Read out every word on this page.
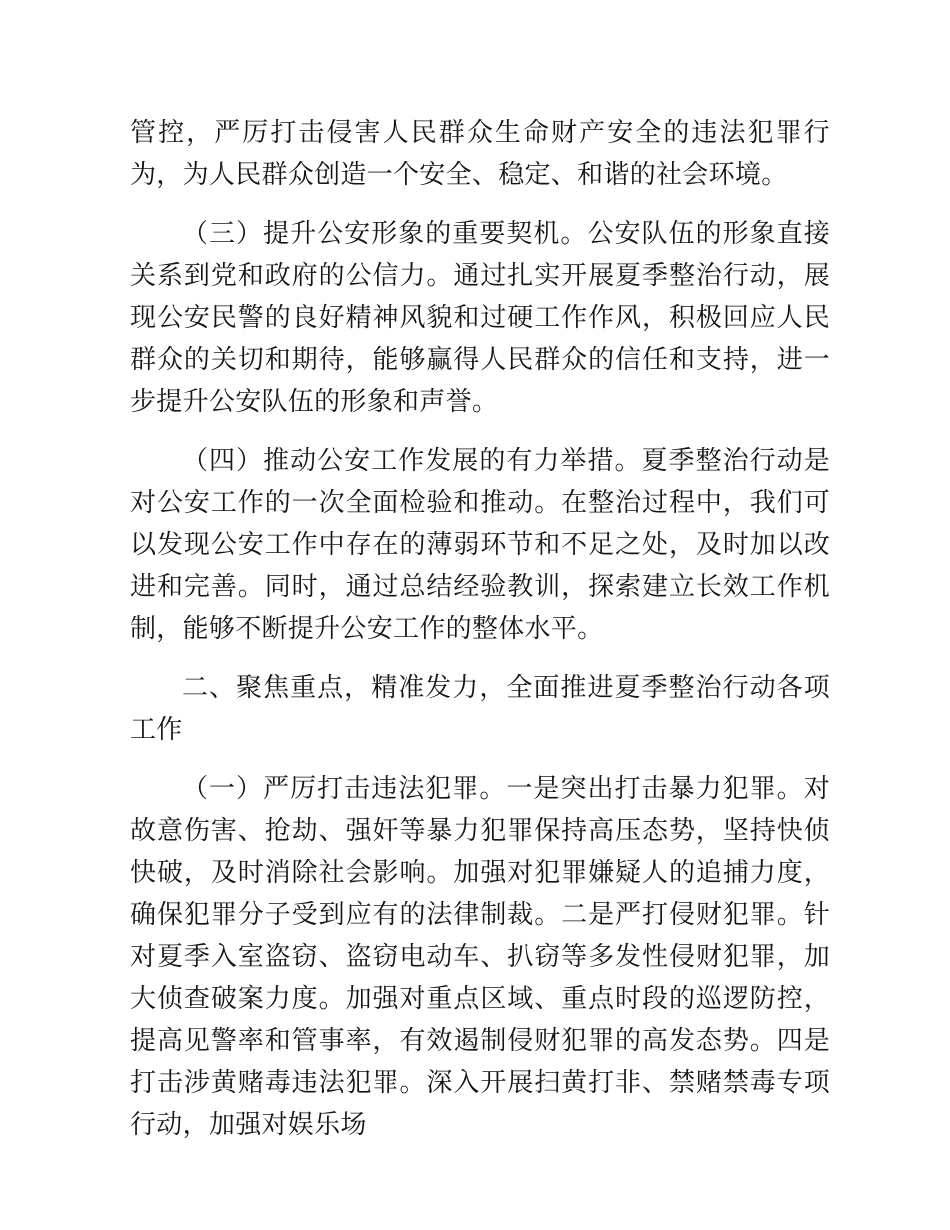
管控，严厉打击侵害人民群众生命财产安全的违法犯罪行为，为人民群众创造一个安全、稳定、和谐的社会环境。

（三）提升公安形象的重要契机。公安队伍的形象直接关系到党和政府的公信力。通过扎实开展夏季整治行动，展现公安民警的良好精神风貌和过硬工作作风，积极回应人民群众的关切和期待，能够赢得人民群众的信任和支持，进一步提升公安队伍的形象和声誉。

（四）推动公安工作发展的有力举措。夏季整治行动是对公安工作的一次全面检验和推动。在整治过程中，我们可以发现公安工作中存在的薄弱环节和不足之处，及时加以改进和完善。同时，通过总结经验教训，探索建立长效工作机制，能够不断提升公安工作的整体水平。

二、聚焦重点，精准发力，全面推进夏季整治行动各项工作

（一）严厉打击违法犯罪。一是突出打击暴力犯罪。对故意伤害、抢劫、强奸等暴力犯罪保持高压态势，坚持快侦快破，及时消除社会影响。加强对犯罪嫌疑人的追捕力度，确保犯罪分子受到应有的法律制裁。二是严打侵财犯罪。针对夏季入室盗窃、盗窃电动车、扒窃等多发性侵财犯罪，加大侦查破案力度。加强对重点区域、重点时段的巡逻防控，提高见警率和管事率，有效遏制侵财犯罪的高发态势。四是打击涉黄赌毒违法犯罪。深入开展扫黄打非、禁赌禁毒专项行动，加强对娱乐场
